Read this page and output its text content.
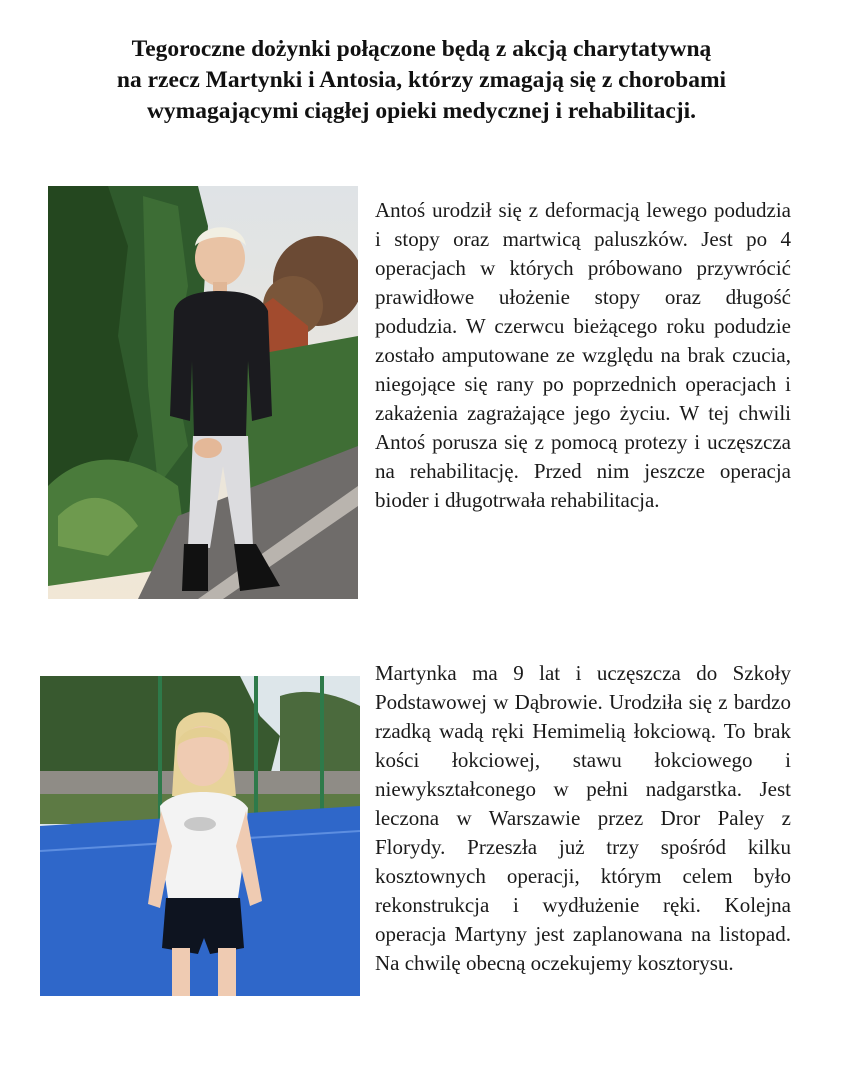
Tegoroczne dożynki połączone będą z akcją charytatywną
na rzecz Martynki i Antosia, którzy zmagają się z chorobami
wymagającymi ciągłej opieki medycznej i rehabilitacji.

Antoś urodził się z deformacją lewego podudzia i stopy oraz martwicą paluszków. Jest po 4 operacjach w których próbowano przywrócić prawidłowe ułożenie stopy oraz długość podudzia. W czerwcu bieżącego roku podudzie zostało amputowane ze względu na brak czucia, niegojące się rany po poprzednich operacjach i zakażenia zagrażające jego życiu. W tej chwili Antoś porusza się z pomocą protezy i uczęszcza na rehabilitację. Przed nim jeszcze operacja bioder i długotrwała rehabilitacja.

Martynka ma 9 lat i uczęszcza do Szkoły Podstawowej w Dąbrowie. Urodziła się z bardzo rzadką wadą ręki Hemimelią łokciową. To brak kości łokciowej, stawu łokciowego i niewykształconego w pełni nadgarstka. Jest leczona w Warszawie przez Dror Paley z Florydy. Przeszła już trzy spośród kilku kosztownych operacji, którym celem było rekonstrukcja i wydłużenie ręki. Kolejna operacja Martyny jest zaplanowana na listopad. Na chwilę obecną oczekujemy kosztorysu.
